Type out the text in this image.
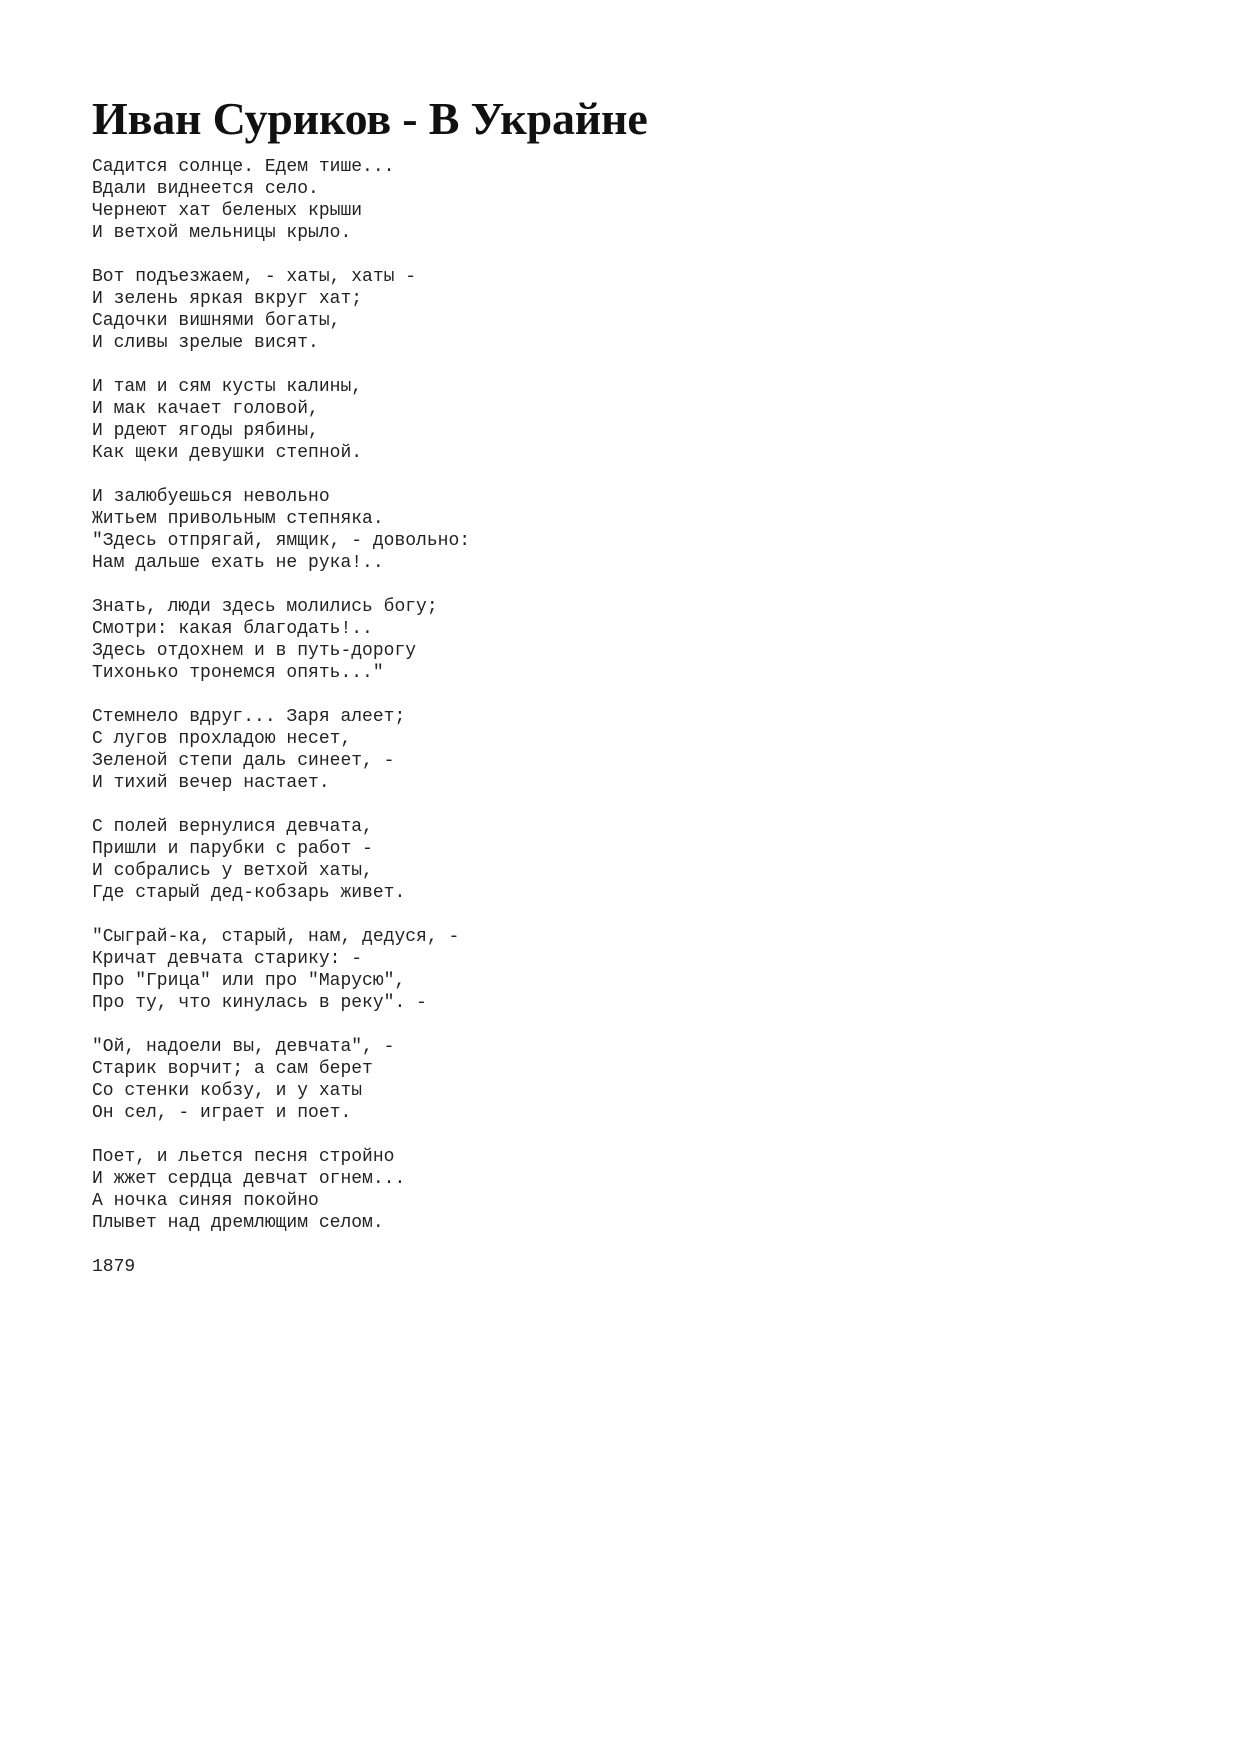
Иван Суриков - В Украйне
Садится солнце. Едем тише...
Вдали виднеется село.
Чернеют хат беленых крыши
И ветхой мельницы крыло.
Вот подъезжаем, - хаты, хаты -
И зелень яркая вкруг хат;
Садочки вишнями богаты,
И сливы зрелые висят.
И там и сям кусты калины,
И мак качает головой,
И рдеют ягоды рябины,
Как щеки девушки степной.
И залюбуешься невольно
Житьем привольным степняка.
"Здесь отпрягай, ямщик, - довольно:
Нам дальше ехать не рука!..
Знать, люди здесь молились богу;
Смотри: какая благодать!..
Здесь отдохнем и в путь-дорогу
Тихонько тронемся опять..."
Стемнело вдруг... Заря алеет;
С лугов прохладою несет,
Зеленой степи даль синеет, -
И тихий вечер настает.
С полей вернулися девчата,
Пришли и парубки с работ -
И собрались у ветхой хаты,
Где старый дед-кобзарь живет.
"Сыграй-ка, старый, нам, дедуся, -
Кричат девчата старику: -
Про "Грица" или про "Марусю",
Про ту, что кинулась в реку". -
"Ой, надоели вы, девчата", -
Старик ворчит; а сам берет
Со стенки кобзу, и у хаты
Он сел, - играет и поет.
Поет, и льется песня стройно
И жжет сердца девчат огнем...
А ночка синяя покойно
Плывет над дремлющим селом.
1879
